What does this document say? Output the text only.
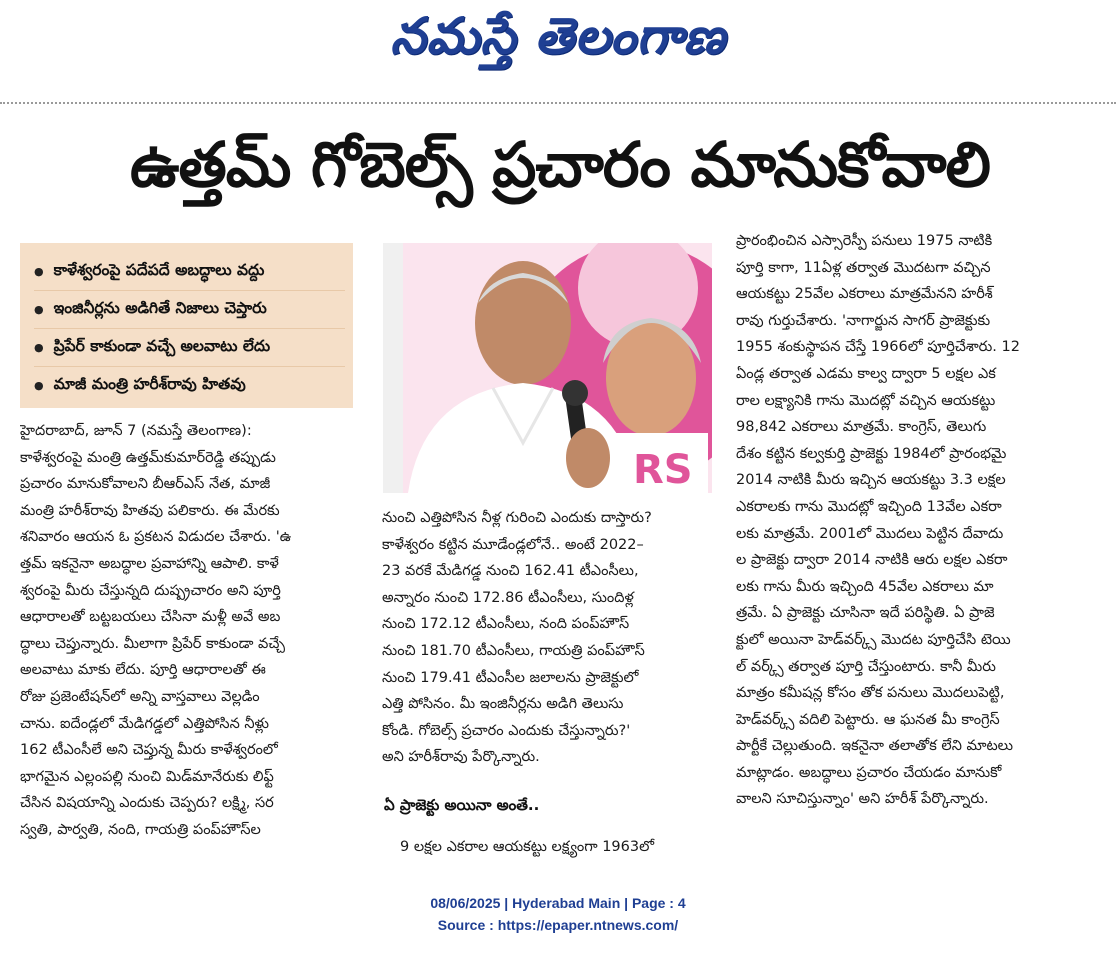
నమస్తే తెలంగాణ
ఉత్తమ్ గోబెల్స్ ప్రచారం మానుకోవాలి
● కాళేశ్వరంపై పదేపదే అబద్ధాలు వద్దు
● ఇంజినీర్లను అడిగితే నిజాలు చెప్తారు
● ప్రిపేర్ కాకుండా వచ్చే అలవాటు లేదు
● మాజీ మంత్రి హరీశ్‌రావు హితవు
హైదరాబాద్, జూన్ 7 (నమస్తే తెలంగాణ):
కాళేశ్వరంపై మంత్రి ఉత్తమ్‌కుమార్‌రెడ్డి తప్పుడు
ప్రచారం మానుకోవాలని బీఆర్‌ఎస్ నేత, మాజీ
మంత్రి హరీశ్‌రావు హితవు పలికారు. ఈ మేరకు
శనివారం ఆయన ఓ ప్రకటన విడుదల చేశారు. 'ఉ
త్తమ్ ఇకనైనా అబద్ధాల ప్రవాహాన్ని ఆపాలి. కాళే
శ్వరంపై మీరు చేస్తున్నది దుష్ప్రచారం అని పూర్తి
ఆధారాలతో బట్టబయలు చేసినా మళ్లీ అవే అబ
ద్ధాలు చెప్తున్నారు. మీలాగా ప్రిపేర్ కాకుండా వచ్చే
అలవాటు మాకు లేదు. పూర్తి ఆధారాలతో ఈ
రోజు ప్రజెంటేషన్‌లో అన్ని వాస్తవాలు వెల్లడిం
చాను. ఐదేండ్లలో మేడిగడ్డలో ఎత్తిపోసిన నీళ్లు
162 టీఎంసీలే అని చెప్తున్న మీరు కాళేశ్వరంలో
భాగమైన ఎల్లంపల్లి నుంచి మిడ్‌మానేరుకు లిఫ్ట్
చేసిన విషయాన్ని ఎందుకు చెప్పరు? లక్ష్మి, సర
స్వతి, పార్వతి, నంది, గాయత్రి పంప్‌హౌస్‌ల
RS
నుంచి ఎత్తిపోసిన నీళ్ల గురించి ఎందుకు దాస్తారు?
కాళేశ్వరం కట్టిన మూడేండ్లలోనే.. అంటే 2022–
23 వరకే మేడిగడ్డ నుంచి 162.41 టీఎంసీలు,
అన్నారం నుంచి 172.86 టీఎంసీలు, సుందిళ్ల
నుంచి 172.12 టీఎంసీలు, నంది పంప్‌హౌస్
నుంచి 181.70 టీఎంసీలు, గాయత్రి పంప్‌హౌస్
నుంచి 179.41 టీఎంసీల జలాలను ప్రాజెక్టులో
ఎత్తి పోసినం. మీ ఇంజినీర్లను అడిగి తెలుసు
కోండి. గోబెల్స్ ప్రచారం ఎందుకు చేస్తున్నారు?'
అని హరీశ్‌రావు పేర్కొన్నారు.
ఏ ప్రాజెక్టు అయినా అంతే..
9 లక్షల ఎకరాల ఆయకట్టు లక్ష్యంగా 1963లో
ప్రారంభించిన ఎస్సారెస్పీ పనులు 1975 నాటికి
పూర్తి కాగా, 11ఏళ్ల తర్వాత మొదటగా వచ్చిన
ఆయకట్టు 25వేల ఎకరాలు మాత్రమేనని హరీశ్
రావు గుర్తుచేశారు. 'నాగార్జున సాగర్ ప్రాజెక్టుకు
1955 శంకుస్థాపన చేస్తే 1966లో పూర్తిచేశారు. 12
ఏండ్ల తర్వాత ఎడమ కాల్వ ద్వారా 5 లక్షల ఎక
రాల లక్ష్యానికి గాను మొదట్లో వచ్చిన ఆయకట్టు
98,842 ఎకరాలు మాత్రమే. కాంగ్రెస్, తెలుగు
దేశం కట్టిన కల్వకుర్తి ప్రాజెక్టు 1984లో ప్రారంభమై
2014 నాటికి మీరు ఇచ్చిన ఆయకట్టు 3.3 లక్షల
ఎకరాలకు గాను మొదట్లో ఇచ్చింది 13వేల ఎకరా
లకు మాత్రమే. 2001లో మొదలు పెట్టిన దేవాదు
ల ప్రాజెక్టు ద్వారా 2014 నాటికి ఆరు లక్షల ఎకరా
లకు గాను మీరు ఇచ్చింది 45వేల ఎకరాలు మా
త్రమే. ఏ ప్రాజెక్టు చూసినా ఇదే పరిస్థితి. ఏ ప్రాజె
క్టులో అయినా హెడ్‌వర్క్స్ మొదట పూర్తిచేసి టెయి
ల్ వర్క్స్ తర్వాత పూర్తి చేస్తుంటారు. కానీ మీరు
మాత్రం కమీషన్ల కోసం తోక పనులు మొదలుపెట్టి,
హెడ్‌వర్క్స్ వదిలి పెట్టారు. ఆ ఘనత మీ కాంగ్రెస్
పార్టీకే చెల్లుతుంది. ఇకనైనా తలాతోక లేని మాటలు
మాట్లాడం. అబద్ధాలు ప్రచారం చేయడం మానుకో
వాలని సూచిస్తున్నాం' అని హరీశ్ పేర్కొన్నారు.
08/06/2025 | Hyderabad Main | Page : 4
Source : https://epaper.ntnews.com/
